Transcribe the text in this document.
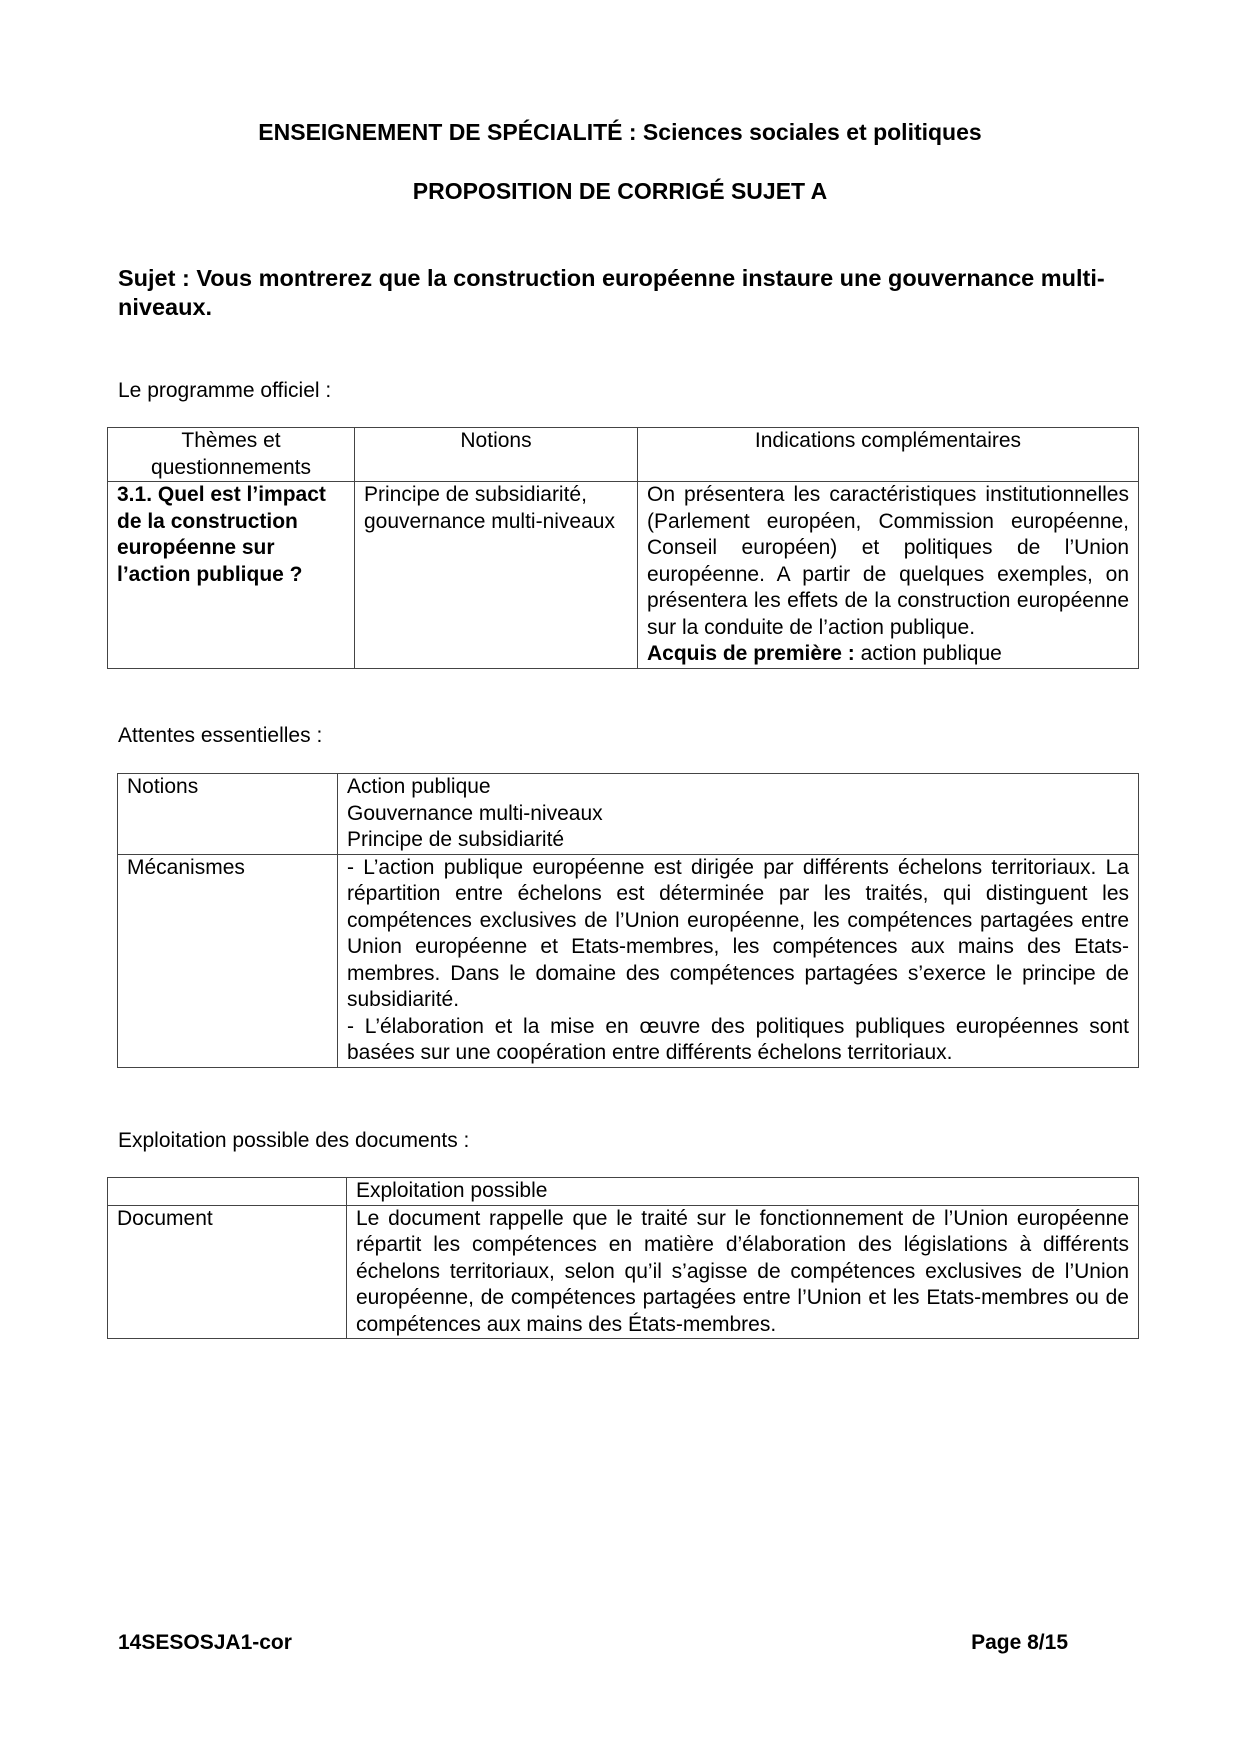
ENSEIGNEMENT DE SPÉCIALITÉ : Sciences sociales et politiques
PROPOSITION DE CORRIGÉ SUJET A
Sujet : Vous montrerez que la construction européenne instaure une gouvernance multi-niveaux.
Le programme officiel :
Thèmes et questionnements	Notions	Indications complémentaires
3.1. Quel est l’impact de la construction européenne sur l’action publique ?	Principe de subsidiarité, gouvernance multi-niveaux	On présentera les caractéristiques institutionnelles (Parlement européen, Commission européenne, Conseil européen) et politiques de l’Union européenne. A partir de quelques exemples, on présentera les effets de la construction européenne sur la conduite de l’action publique.
Acquis de première : action publique
Attentes essentielles :
Notions	Action publique
Gouvernance multi-niveaux
Principe de subsidiarité

Mécanismes	- L’action publique européenne est dirigée par différents échelons territoriaux. La répartition entre échelons est déterminée par les traités, qui distinguent les compétences exclusives de l’Union européenne, les compétences partagées entre Union européenne et Etats-membres, les compétences aux mains des Etats-membres. Dans le domaine des compétences partagées s’exerce le principe de subsidiarité.
- L’élaboration et la mise en œuvre des politiques publiques européennes sont basées sur une coopération entre différents échelons territoriaux.
Exploitation possible des documents :
	Exploitation possible
Document	Le document rappelle que le traité sur le fonctionnement de l’Union européenne répartit les compétences en matière d’élaboration des législations à différents échelons territoriaux, selon qu’il s’agisse de compétences exclusives de l’Union européenne, de compétences partagées entre l’Union et les Etats-membres ou de compétences aux mains des États-membres.
14SESOSJA1-cor	Page 8/15
